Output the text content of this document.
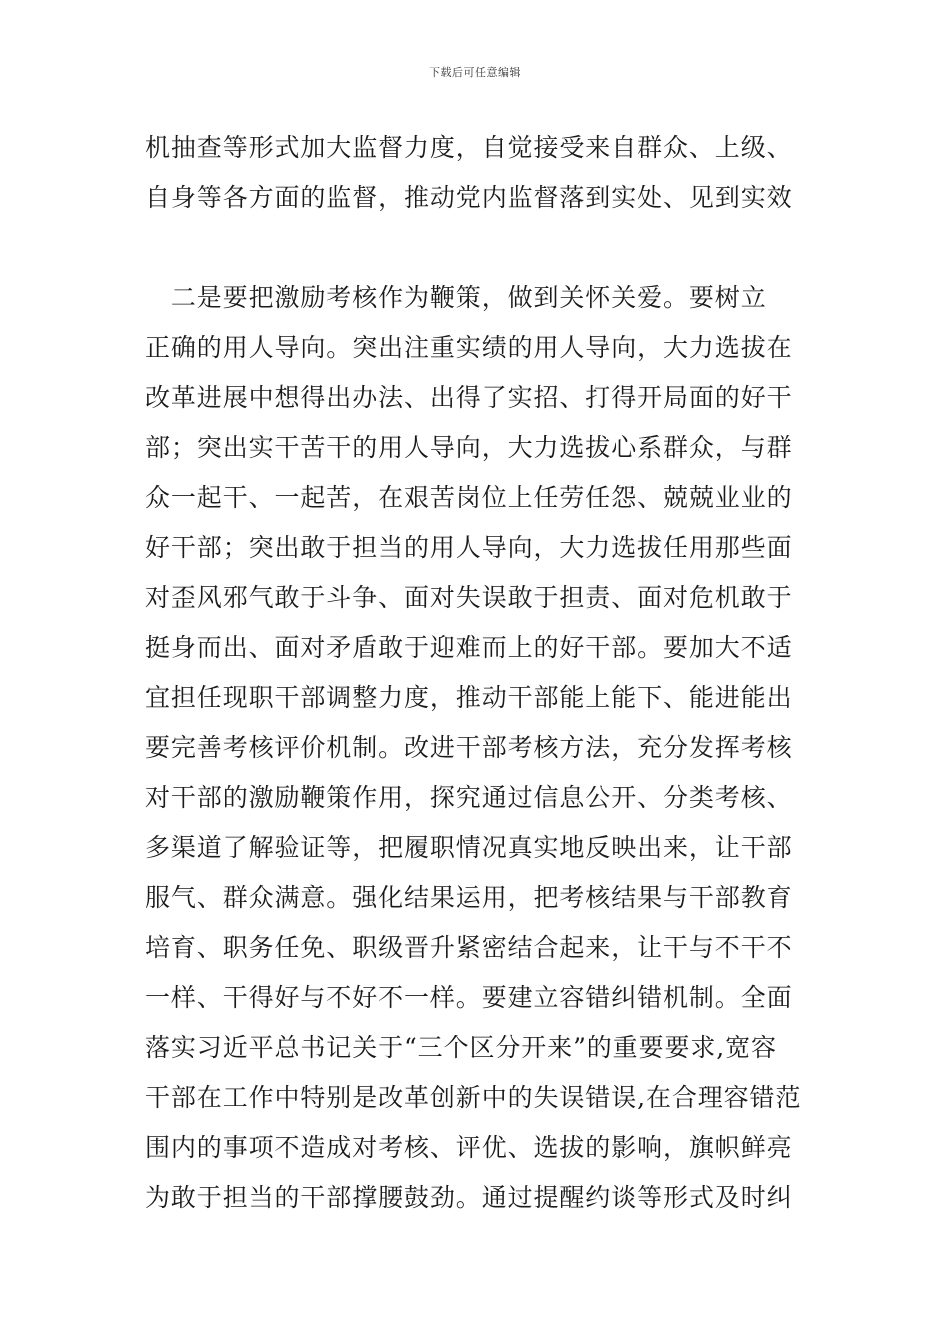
下载后可任意编辑
机抽查等形式加大监督力度，自觉接受来自群众、上级、
自身等各方面的监督，推动党内监督落到实处、见到实效
　二是要把激励考核作为鞭策，做到关怀关爱。要树立
正确的用人导向。突出注重实绩的用人导向，大力选拔在
改革进展中想得出办法、出得了实招、打得开局面的好干
部；突出实干苦干的用人导向，大力选拔心系群众，与群
众一起干、一起苦，在艰苦岗位上任劳任怨、兢兢业业的
好干部；突出敢于担当的用人导向，大力选拔任用那些面
对歪风邪气敢于斗争、面对失误敢于担责、面对危机敢于
挺身而出、面对矛盾敢于迎难而上的好干部。要加大不适
宜担任现职干部调整力度，推动干部能上能下、能进能出
要完善考核评价机制。改进干部考核方法，充分发挥考核
对干部的激励鞭策作用，探究通过信息公开、分类考核、
多渠道了解验证等，把履职情况真实地反映出来，让干部
服气、群众满意。强化结果运用，把考核结果与干部教育
培育、职务任免、职级晋升紧密结合起来，让干与不干不
一样、干得好与不好不一样。要建立容错纠错机制。全面
落实习近平总书记关于“三个区分开来”的重要要求,宽容
干部在工作中特别是改革创新中的失误错误,在合理容错范
围内的事项不造成对考核、评优、选拔的影响，旗帜鲜亮
为敢于担当的干部撑腰鼓劲。通过提醒约谈等形式及时纠
